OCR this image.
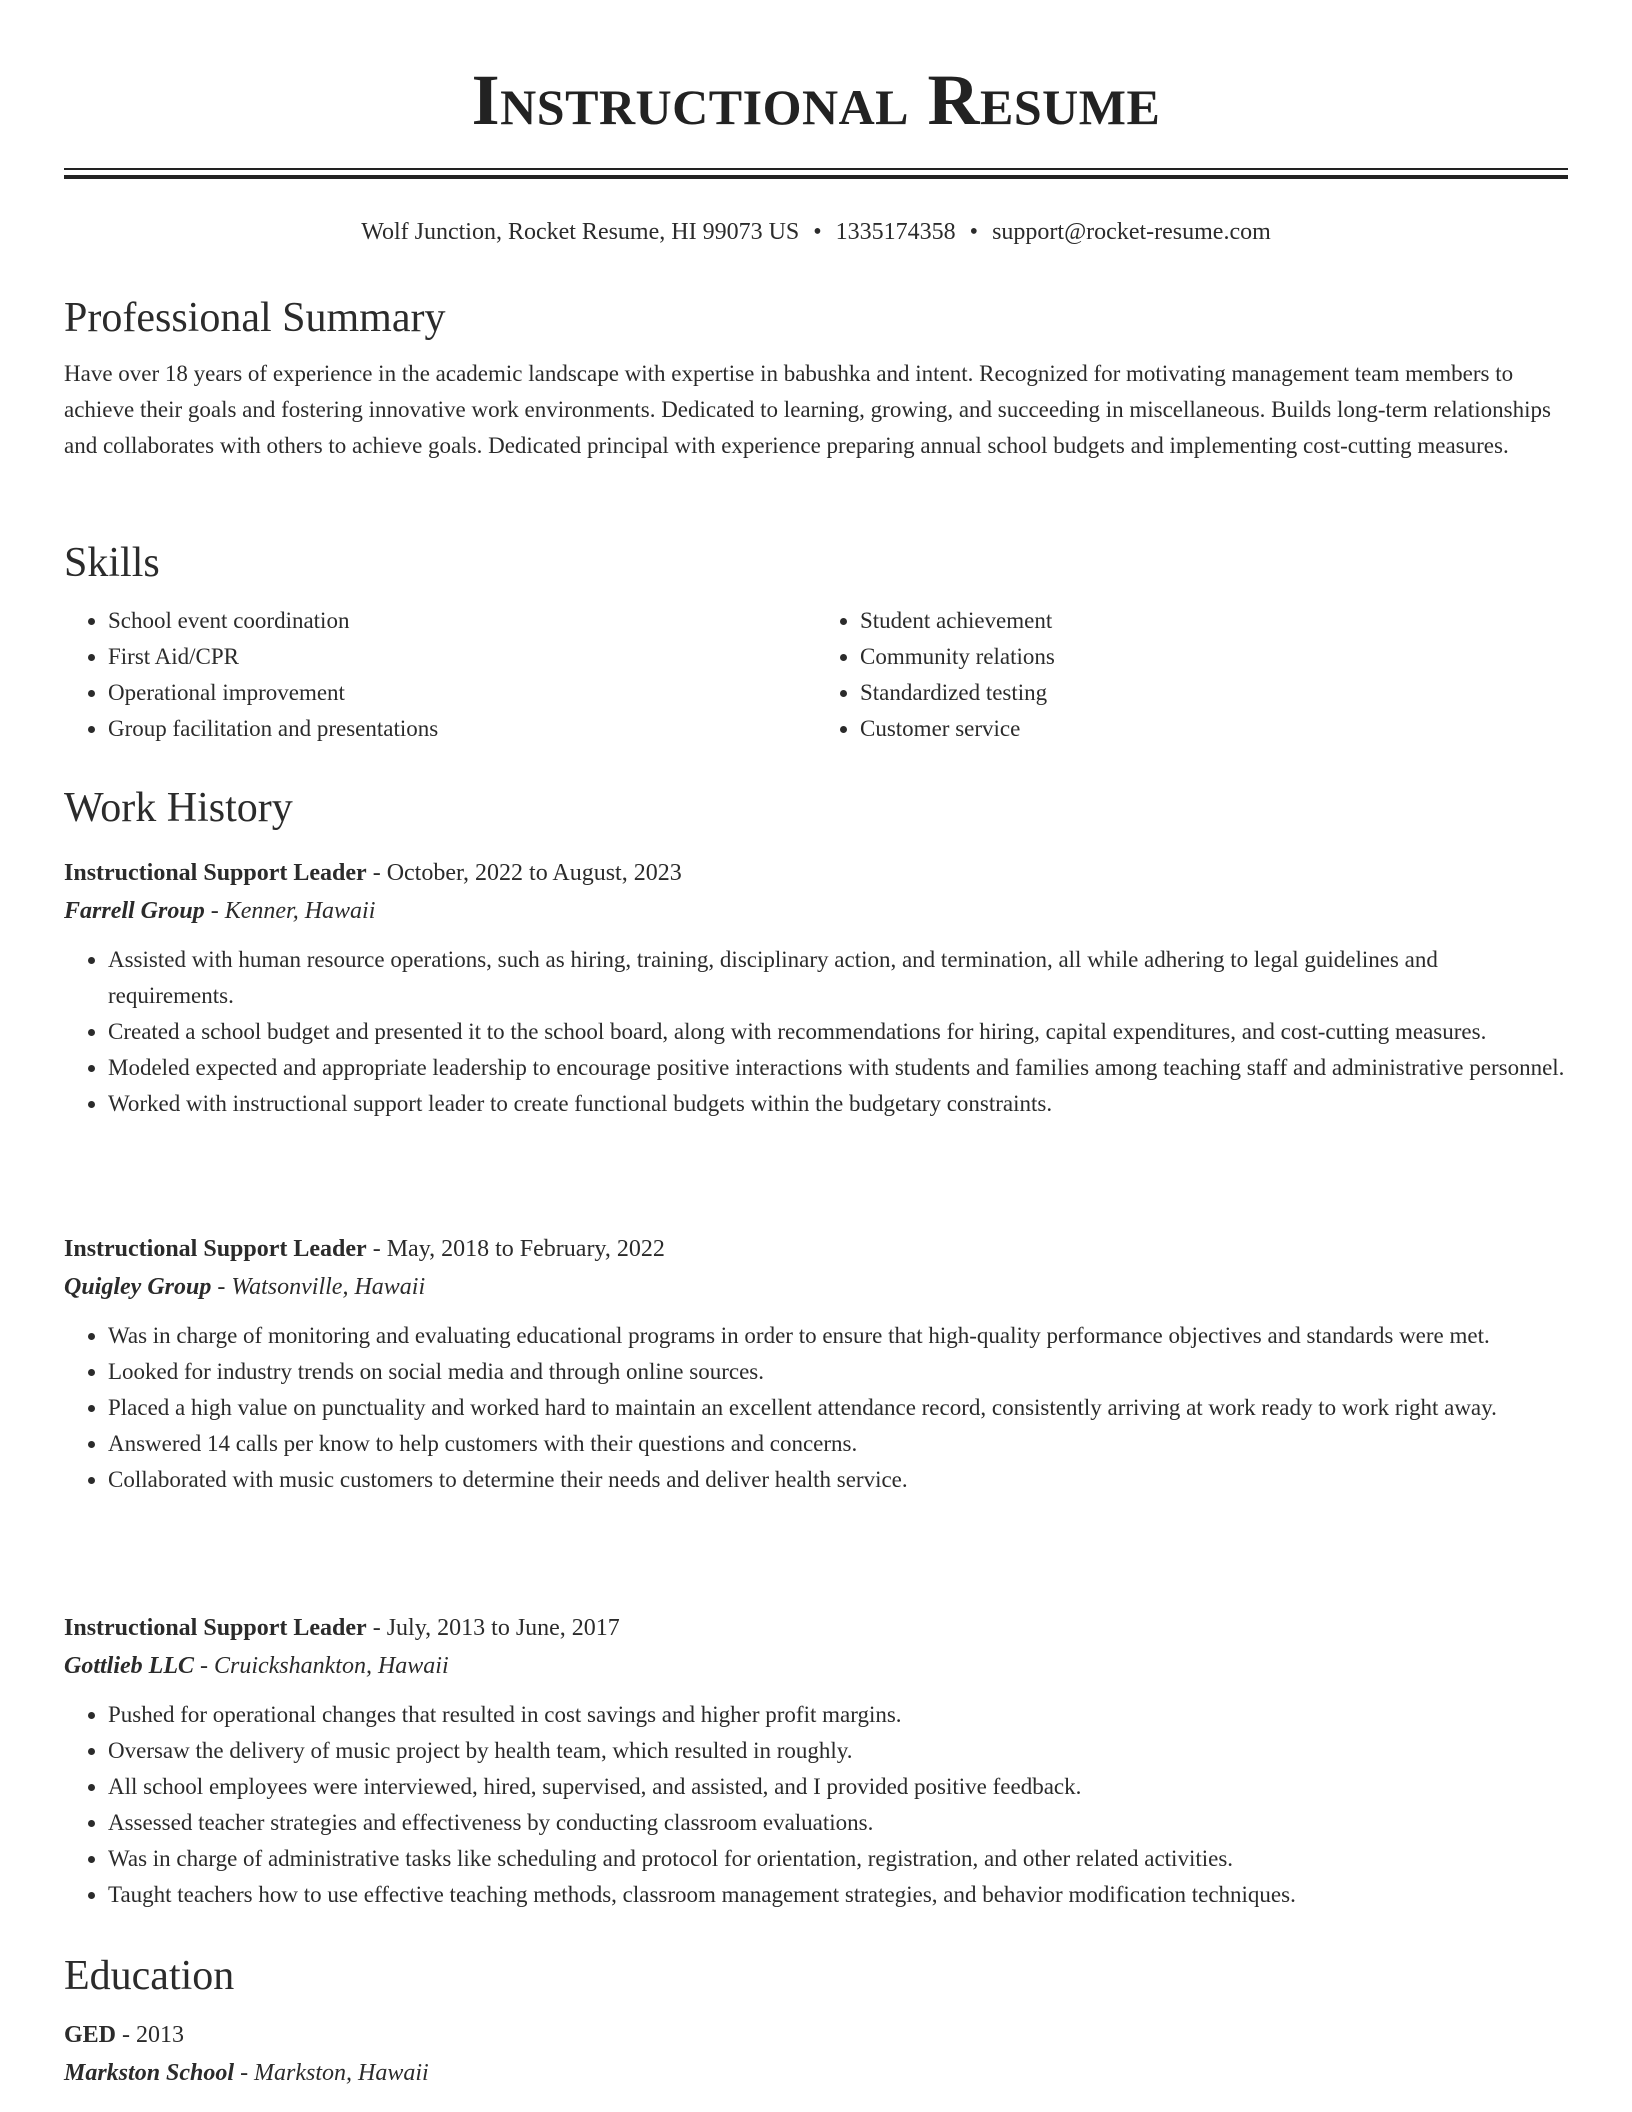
Instructional Resume
Wolf Junction, Rocket Resume, HI 99073 US • 1335174358 • support@rocket-resume.com
Professional Summary

Have over 18 years of experience in the academic landscape with expertise in babushka and intent. Recognized for motivating management team members to achieve their goals and fostering innovative work environments. Dedicated to learning, growing, and succeeding in miscellaneous. Builds long-term relationships and collaborates with others to achieve goals. Dedicated principal with experience preparing annual school budgets and implementing cost-cutting measures.

Skills
• School event coordination
• First Aid/CPR
• Operational improvement
• Group facilitation and presentations
• Student achievement
• Community relations
• Standardized testing
• Customer service
Work History
Instructional Support Leader - October, 2022 to August, 2023
Farrell Group - Kenner, Hawaii
• Assisted with human resource operations, such as hiring, training, disciplinary action, and termination, all while adhering to legal guidelines and requirements.
• Created a school budget and presented it to the school board, along with recommendations for hiring, capital expenditures, and cost-cutting measures.
• Modeled expected and appropriate leadership to encourage positive interactions with students and families among teaching staff and administrative personnel.
• Worked with instructional support leader to create functional budgets within the budgetary constraints.
Instructional Support Leader - May, 2018 to February, 2022
Quigley Group - Watsonville, Hawaii
• Was in charge of monitoring and evaluating educational programs in order to ensure that high-quality performance objectives and standards were met.
• Looked for industry trends on social media and through online sources.
• Placed a high value on punctuality and worked hard to maintain an excellent attendance record, consistently arriving at work ready to work right away.
• Answered 14 calls per know to help customers with their questions and concerns.
• Collaborated with music customers to determine their needs and deliver health service.
Instructional Support Leader - July, 2013 to June, 2017
Gottlieb LLC - Cruickshankton, Hawaii
• Pushed for operational changes that resulted in cost savings and higher profit margins.
• Oversaw the delivery of music project by health team, which resulted in roughly.
• All school employees were interviewed, hired, supervised, and assisted, and I provided positive feedback.
• Assessed teacher strategies and effectiveness by conducting classroom evaluations.
• Was in charge of administrative tasks like scheduling and protocol for orientation, registration, and other related activities.
• Taught teachers how to use effective teaching methods, classroom management strategies, and behavior modification techniques.
Education
GED - 2013
Markston School - Markston, Hawaii
